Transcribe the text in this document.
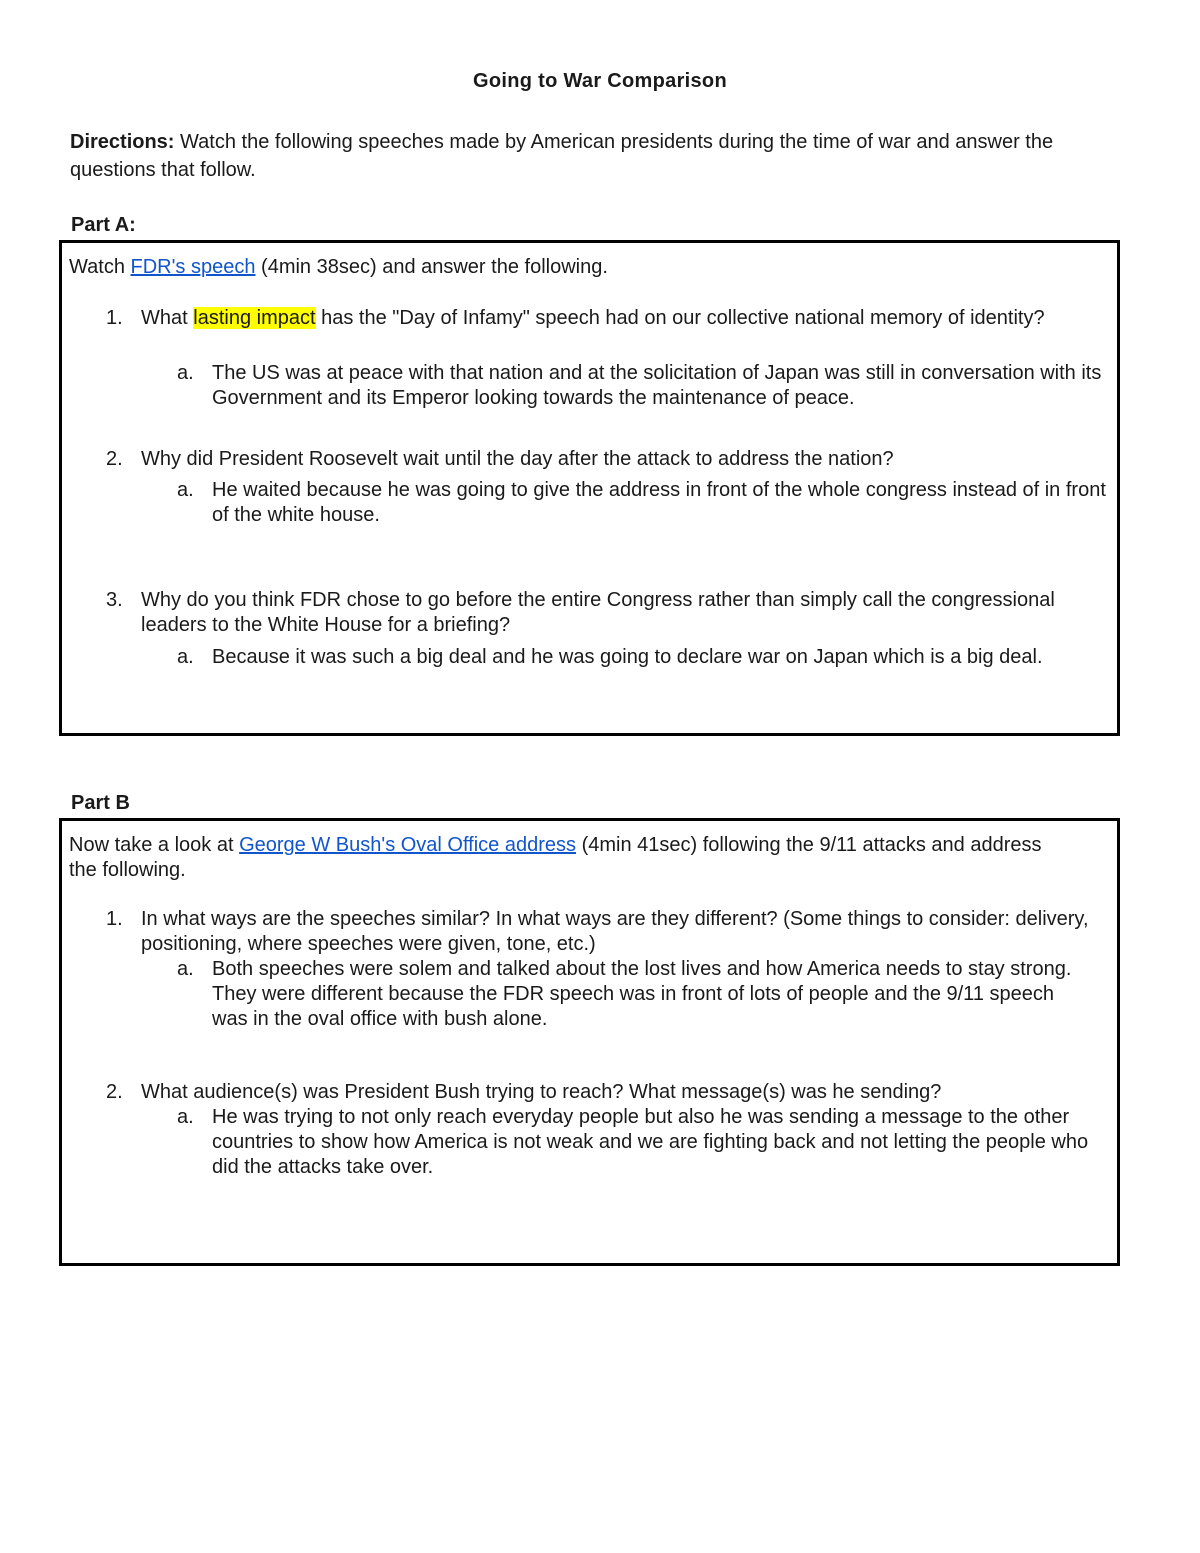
Going to War Comparison
Directions: Watch the following speeches made by American presidents during the time of war and answer the questions that follow.
Part A:
Watch FDR's speech (4min 38sec) and answer the following.
1. What lasting impact has the "Day of Infamy" speech had on our collective national memory of identity?
a. The US was at peace with that nation and at the solicitation of Japan was still in conversation with its Government and its Emperor looking towards the maintenance of peace.
2. Why did President Roosevelt wait until the day after the attack to address the nation?
a. He waited because he was going to give the address in front of the whole congress instead of in front of the white house.
3. Why do you think FDR chose to go before the entire Congress rather than simply call the congressional leaders to the White House for a briefing?
a. Because it was such a big deal and he was going to declare war on Japan which is a big deal.
Part B
Now take a look at George W Bush's Oval Office address (4min 41sec) following the 9/11 attacks and address the following.
1. In what ways are the speeches similar? In what ways are they different? (Some things to consider: delivery, positioning, where speeches were given, tone, etc.)
a. Both speeches were solem and talked about the lost lives and how America needs to stay strong. They were different because the FDR speech was in front of lots of people and the 9/11 speech was in the oval office with bush alone.
2. What audience(s) was President Bush trying to reach? What message(s) was he sending?
a. He was trying to not only reach everyday people but also he was sending a message to the other countries to show how America is not weak and we are fighting back and not letting the people who did the attacks take over.
